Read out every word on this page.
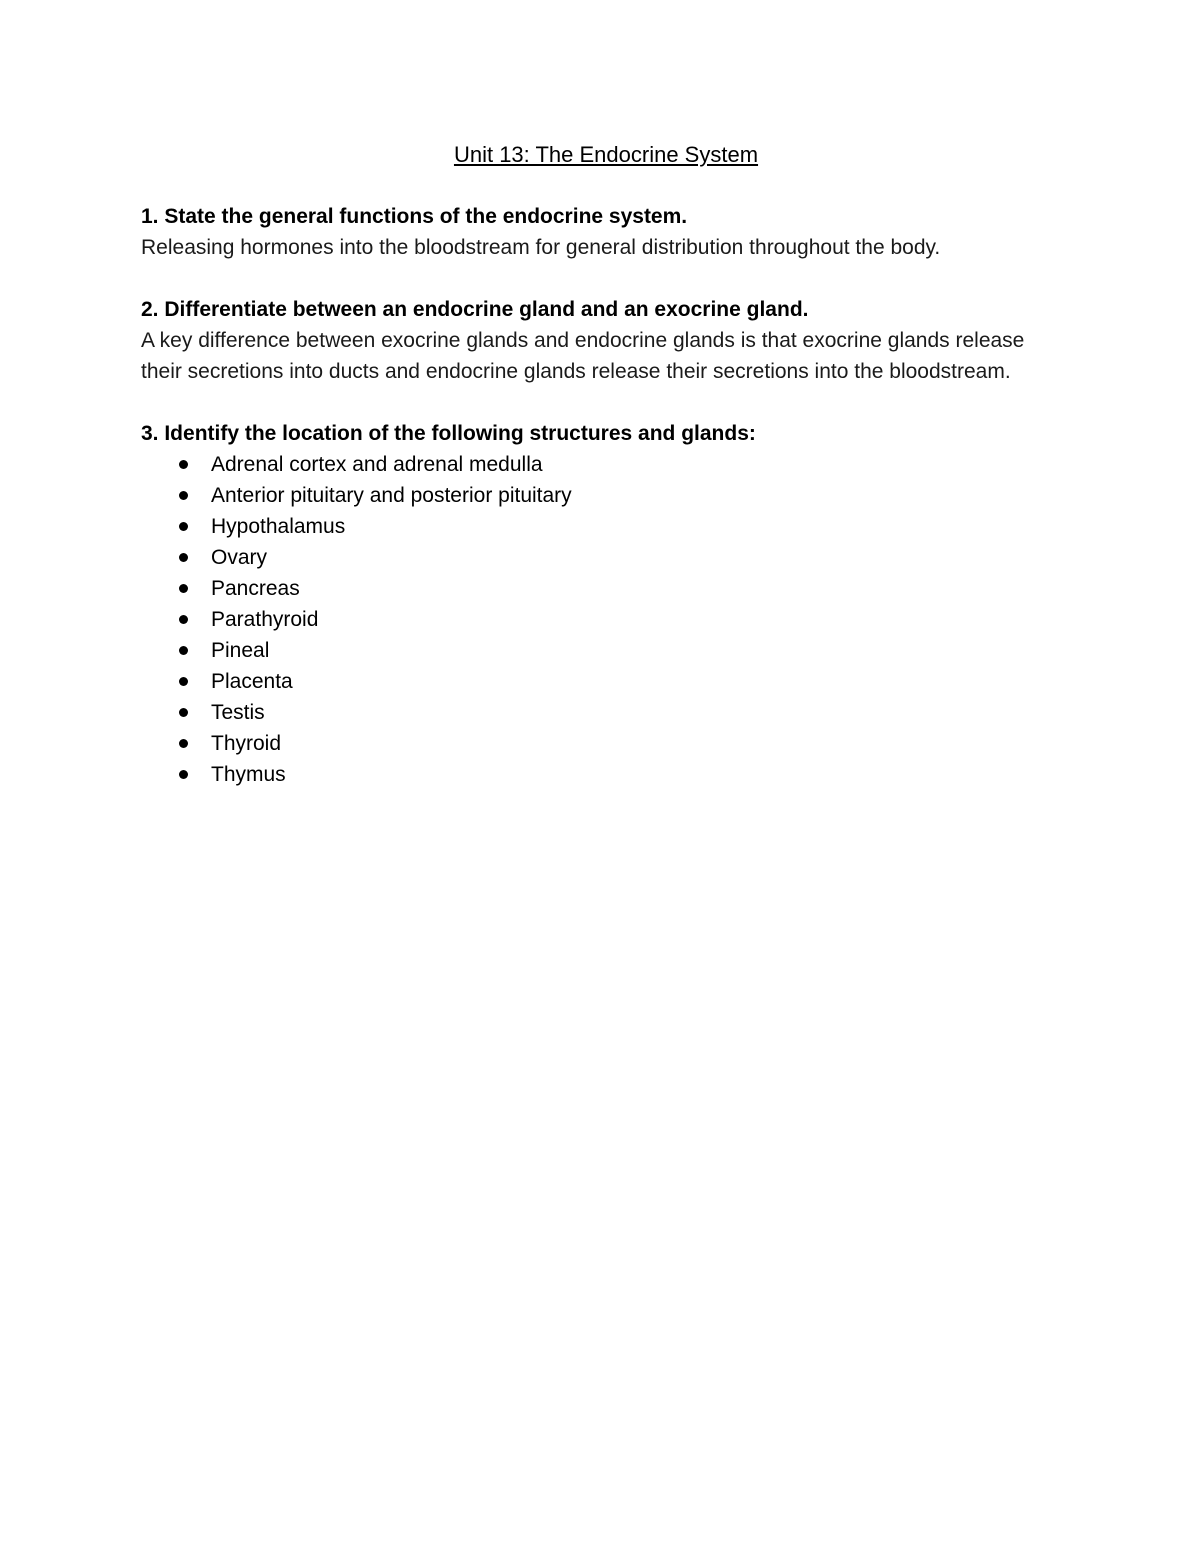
Unit 13: The Endocrine System

1. State the general functions of the endocrine system.

Releasing hormones into the bloodstream for general distribution throughout the body.

2. Differentiate between an endocrine gland and an exocrine gland.

A key difference between exocrine glands and endocrine glands is that exocrine glands release their secretions into ducts and endocrine glands release their secretions into the bloodstream.

3. Identify the location of the following structures and glands:

Adrenal cortex and adrenal medulla
Anterior pituitary and posterior pituitary
Hypothalamus
Ovary
Pancreas
Parathyroid
Pineal
Placenta
Testis
Thyroid
Thymus
